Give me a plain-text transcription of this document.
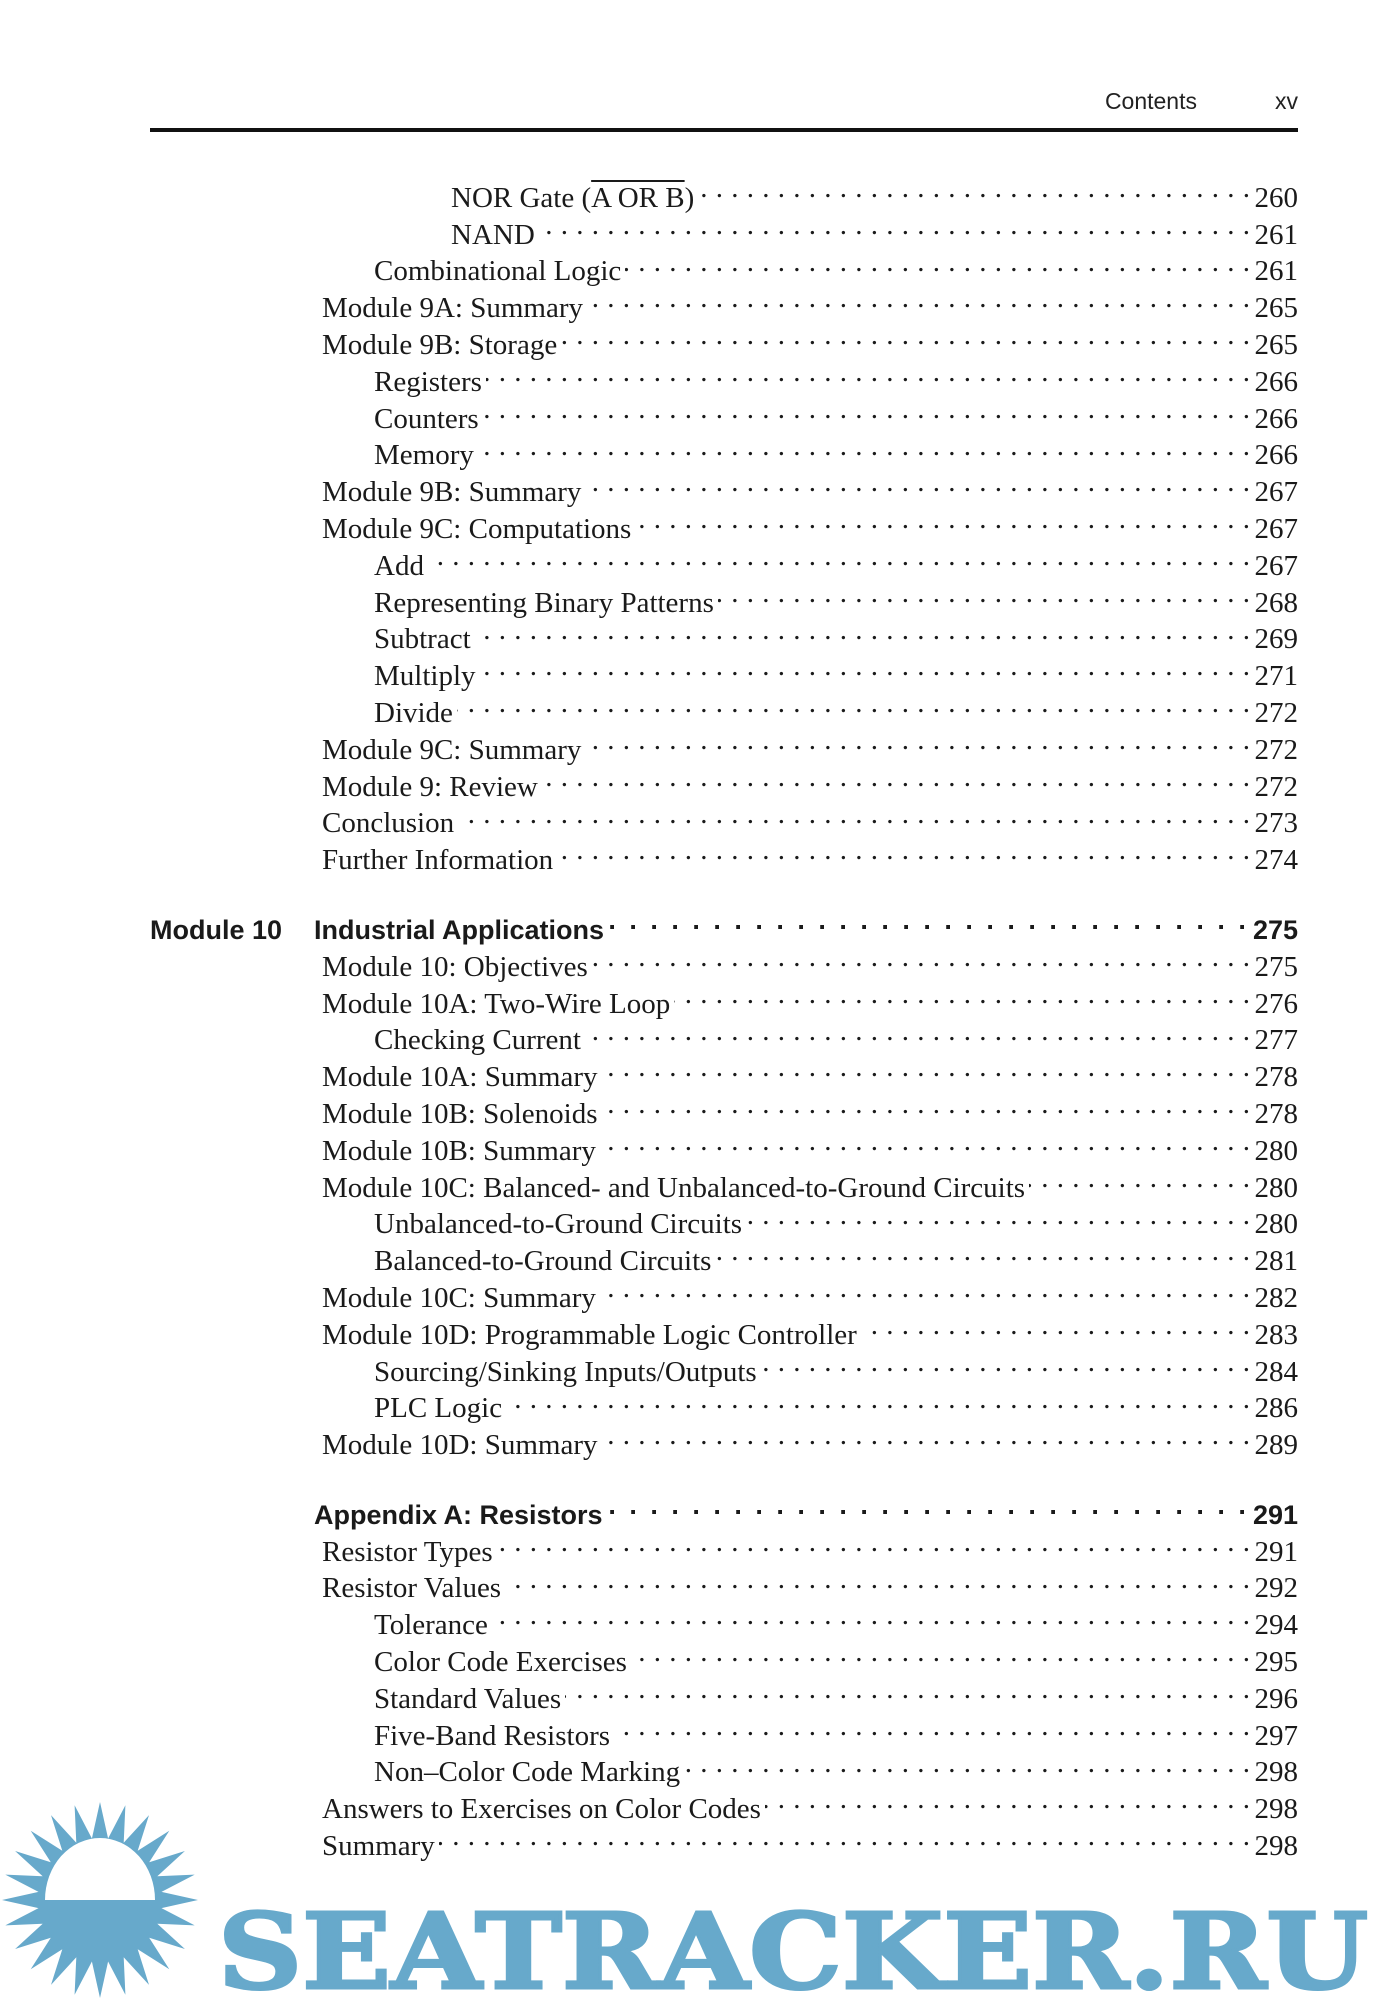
Contents	xv
NOR Gate ( A OR B ) . . .	260
NAND . . .	261
Combinational Logic . . .	261
Module 9A: Summary . . .	265
Module 9B: Storage . . .	265
Registers . . .	266
Counters . . .	266
Memory . . .	266
Module 9B: Summary . . .	267
Module 9C: Computations . . .	267
Add . . .	267
Representing Binary Patterns . . .	268
Subtract . . .	269
Multiply . . .	271
Divide . . .	272
Module 9C: Summary . . .	272
Module 9: Review . . .	272
Conclusion . . .	273
Further Information . . .	274
Module 10	Industrial Applications . . .	275
Module 10: Objectives . . .	275
Module 10A: Two-Wire Loop . . .	276
Checking Current . . .	277
Module 10A: Summary . . .	278
Module 10B: Solenoids . . .	278
Module 10B: Summary . . .	280
Module 10C: Balanced- and Unbalanced-to-Ground Circuits . . .	280
Unbalanced-to-Ground Circuits . . .	280
Balanced-to-Ground Circuits . . .	281
Module 10C: Summary . . .	282
Module 10D: Programmable Logic Controller . . .	283
Sourcing/Sinking Inputs/Outputs . . .	284
PLC Logic . . .	286
Module 10D: Summary . . .	289
Appendix A: Resistors . . .	291
Resistor Types . . .	291
Resistor Values . . .	292
Tolerance . . .	294
Color Code Exercises . . .	295
Standard Values . . .	296
Five-Band Resistors . . .	297
Non–Color Code Marking . . .	298
Answers to Exercises on Color Codes . . .	298
Summary . . .	298
SEATRACKER.RU
